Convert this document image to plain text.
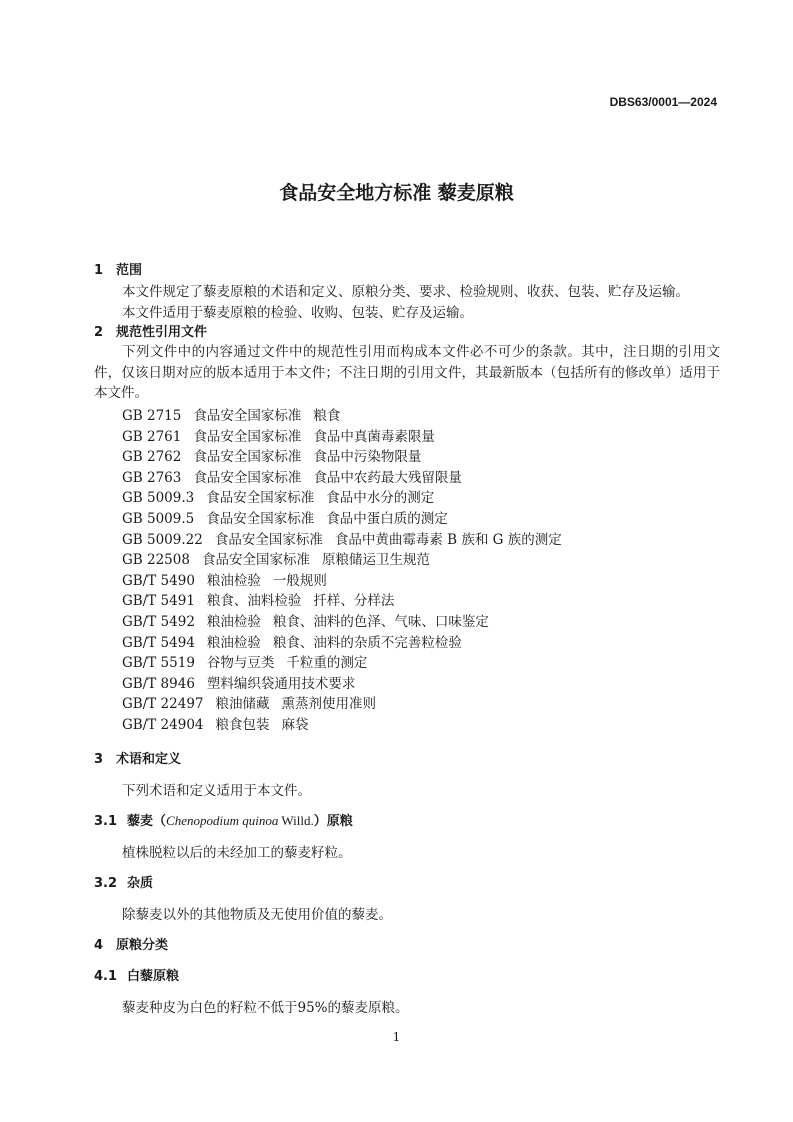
DBS63/0001—2024
食品安全地方标准 藜麦原粮
1 范围
本文件规定了藜麦原粮的术语和定义、原粮分类、要求、检验规则、收获、包装、贮存及运输。
本文件适用于藜麦原粮的检验、收购、包装、贮存及运输。
2 规范性引用文件
下列文件中的内容通过文件中的规范性引用而构成本文件必不可少的条款。其中，注日期的引用文件，仅该日期对应的版本适用于本文件；不注日期的引用文件，其最新版本（包括所有的修改单）适用于本文件。
GB 2715 食品安全国家标准 粮食
GB 2761 食品安全国家标准 食品中真菌毒素限量
GB 2762 食品安全国家标准 食品中污染物限量
GB 2763 食品安全国家标准 食品中农药最大残留限量
GB 5009.3 食品安全国家标准 食品中水分的测定
GB 5009.5 食品安全国家标准 食品中蛋白质的测定
GB 5009.22 食品安全国家标准 食品中黄曲霉毒素 B 族和 G 族的测定
GB 22508 食品安全国家标准 原粮储运卫生规范
GB/T 5490 粮油检验 一般规则
GB/T 5491 粮食、油料检验 扦样、分样法
GB/T 5492 粮油检验 粮食、油料的色泽、气味、口味鉴定
GB/T 5494 粮油检验 粮食、油料的杂质不完善粒检验
GB/T 5519 谷物与豆类 千粒重的测定
GB/T 8946 塑料编织袋通用技术要求
GB/T 22497 粮油储藏 熏蒸剂使用准则
GB/T 24904 粮食包装 麻袋
3 术语和定义
下列术语和定义适用于本文件。
3.1 藜麦（Chenopodium quinoa Willd.）原粮
植株脱粒以后的未经加工的藜麦籽粒。
3.2 杂质
除藜麦以外的其他物质及无使用价值的藜麦。
4 原粮分类
4.1 白藜原粮
藜麦种皮为白色的籽粒不低于95%的藜麦原粮。
1
